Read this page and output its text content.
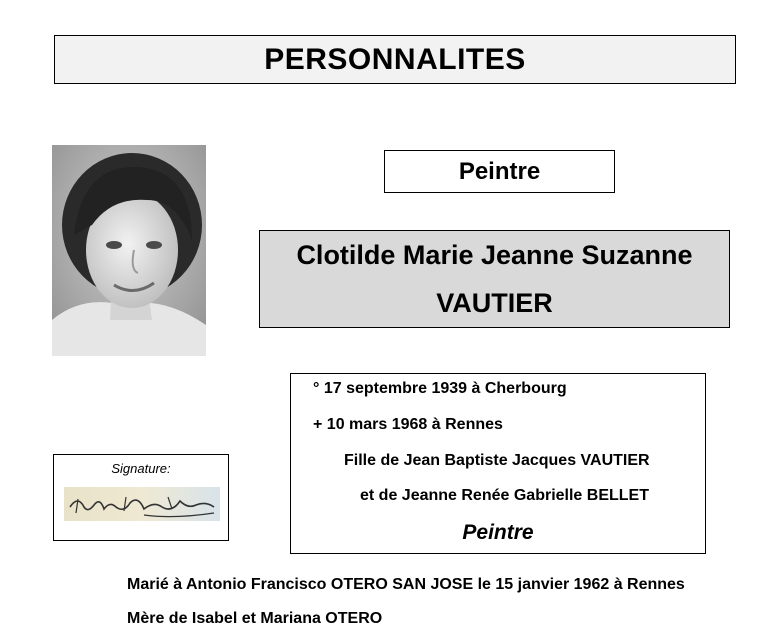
PERSONNALITES
Peintre
Clotilde Marie Jeanne Suzanne
VAUTIER
° 17 septembre 1939 à Cherbourg
+ 10 mars 1968 à Rennes
Fille de Jean Baptiste Jacques VAUTIER
et de Jeanne Renée Gabrielle BELLET
Peintre
Signature:
Marié à Antonio Francisco OTERO SAN JOSE le 15 janvier 1962 à Rennes
Mère de Isabel et Mariana OTERO
